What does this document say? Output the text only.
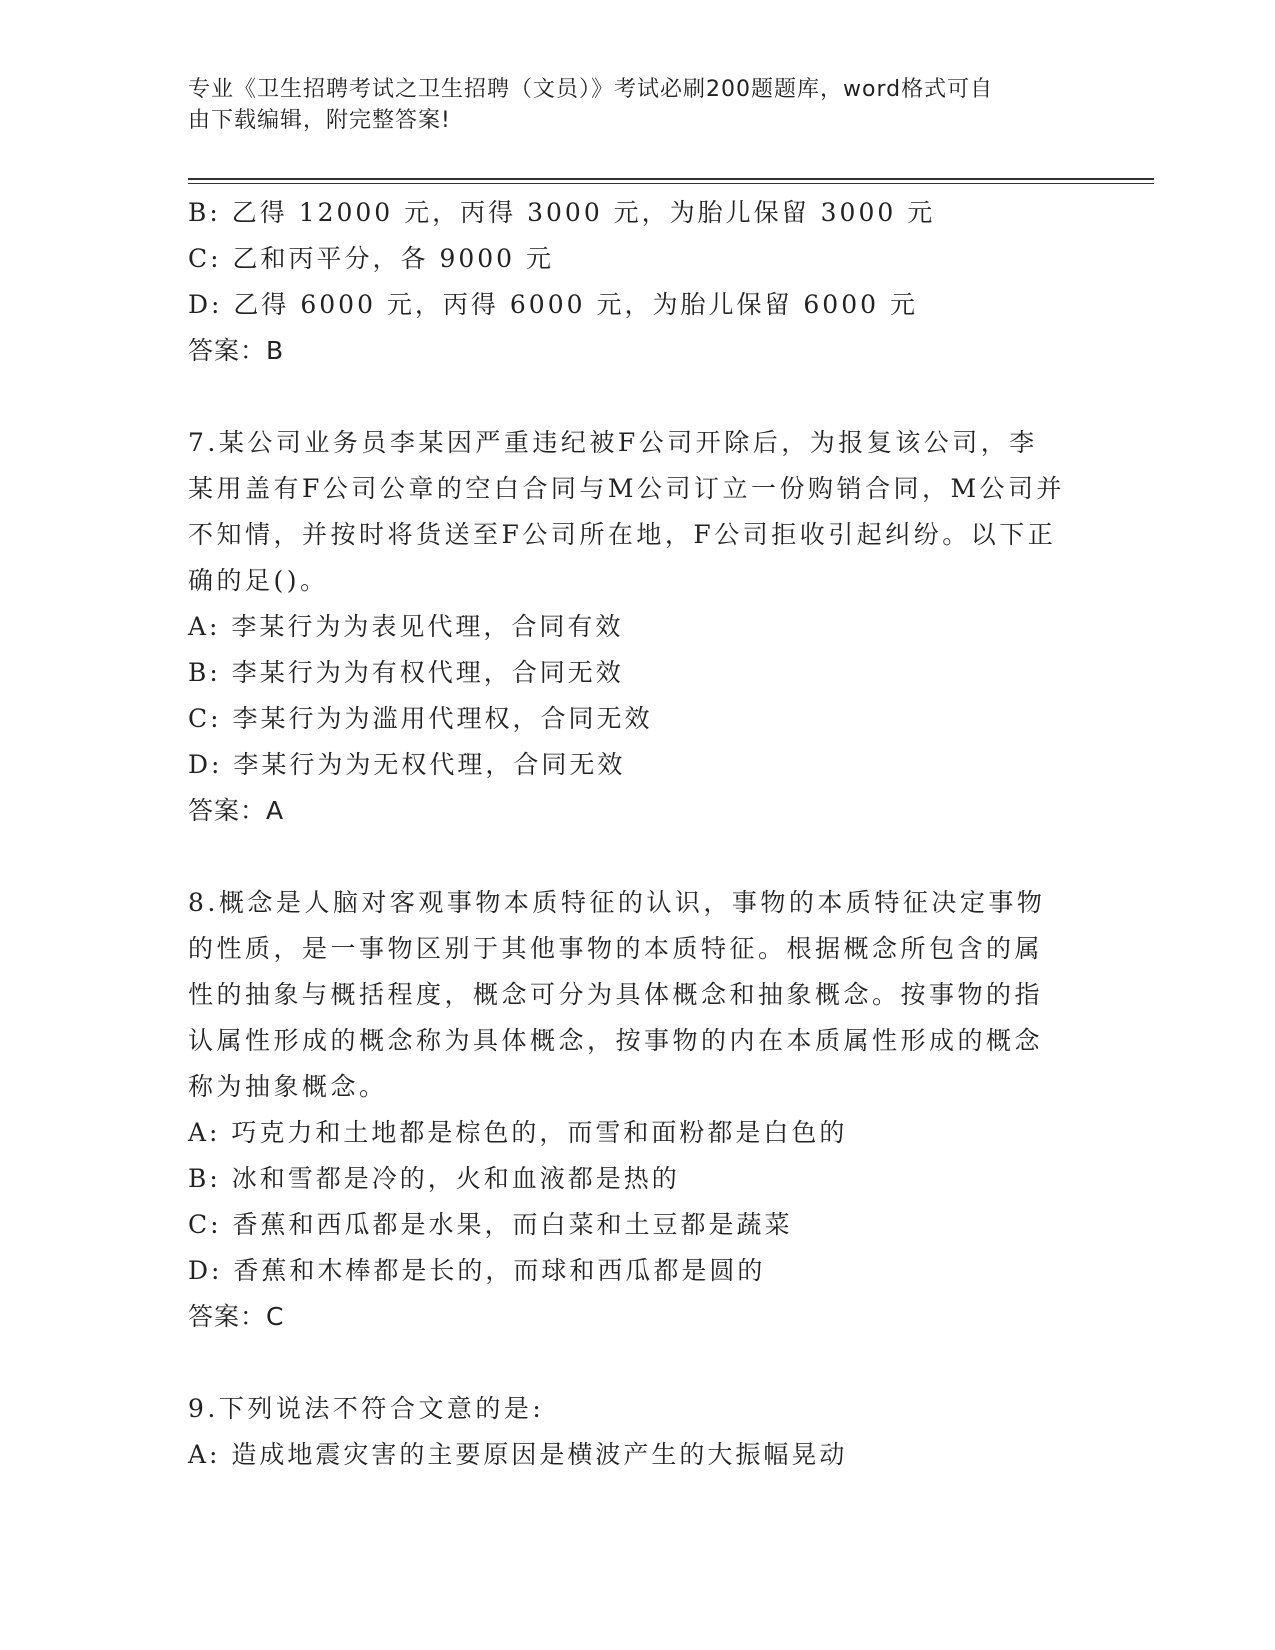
专业《卫生招聘考试之卫生招聘（文员）》考试必刷200题题库，word格式可自
由下载编辑，附完整答案!
B: 乙得 12000 元，丙得 3000 元，为胎儿保留 3000 元
C: 乙和丙平分，各 9000 元
D: 乙得 6000 元，丙得 6000 元，为胎儿保留 6000 元
答案：B
7.某公司业务员李某因严重违纪被F公司开除后，为报复该公司，李
某用盖有F公司公章的空白合同与M公司订立一份购销合同，M公司并
不知情，并按时将货送至F公司所在地，F公司拒收引起纠纷。以下正
确的足()。
A: 李某行为为表见代理，合同有效
B: 李某行为为有权代理，合同无效
C: 李某行为为滥用代理权，合同无效
D: 李某行为为无权代理，合同无效
答案：A
8.概念是人脑对客观事物本质特征的认识，事物的本质特征决定事物
的性质，是一事物区别于其他事物的本质特征。根据概念所包含的属
性的抽象与概括程度，概念可分为具体概念和抽象概念。按事物的指
认属性形成的概念称为具体概念，按事物的内在本质属性形成的概念
称为抽象概念。
A: 巧克力和土地都是棕色的，而雪和面粉都是白色的
B: 冰和雪都是冷的，火和血液都是热的
C: 香蕉和西瓜都是水果，而白菜和土豆都是蔬菜
D: 香蕉和木棒都是长的，而球和西瓜都是圆的
答案：C
9.下列说法不符合文意的是:
A: 造成地震灾害的主要原因是横波产生的大振幅晃动
